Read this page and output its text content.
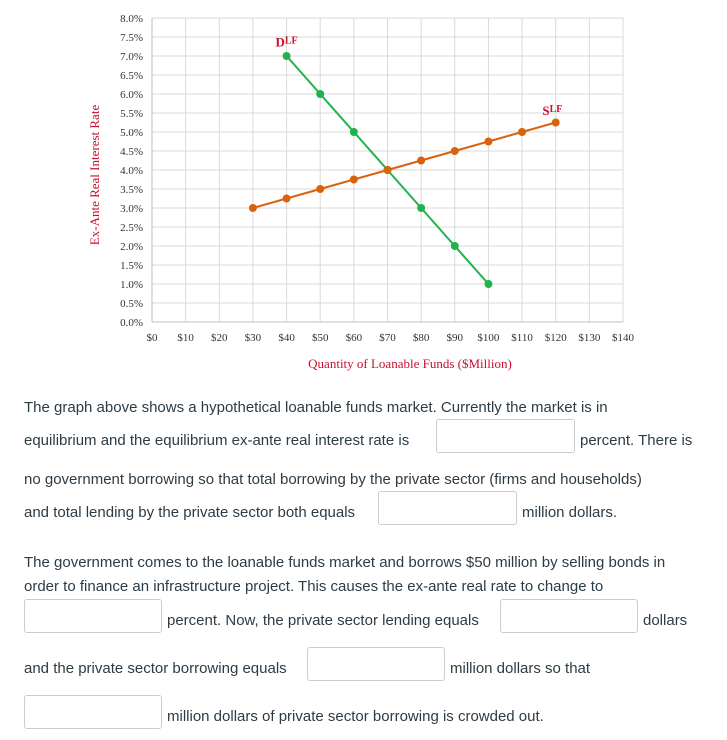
0.0%
0.5%
1.0%
1.5%
2.0%
2.5%
3.0%
3.5%
4.0%
4.5%
5.0%
5.5%
6.0%
6.5%
7.0%
7.5%
8.0%
$0 $10 $20 $30 $40 $50 $60 $70 $80 $90 $100 $110 $120 $130 $140
$D^{LF}$
$S^{LF}$
Ex-Ante Real Interest Rate
Quantity of Loanable Funds ($Million)
The graph above shows a hypothetical loanable funds market. Currently the market is in
equilibrium and the equilibrium ex-ante real interest rate is	percent. There is
no government borrowing so that total borrowing by the private sector (firms and households)
and total lending by the private sector both equals	million dollars.
The government comes to the loanable funds market and borrows $50 million by selling bonds in
order to finance an infrastructure project. This causes the ex-ante real rate to change to
percent. Now, the private sector lending equals	dollars
and the private sector borrowing equals	million dollars so that
million dollars of private sector borrowing is crowded out.
